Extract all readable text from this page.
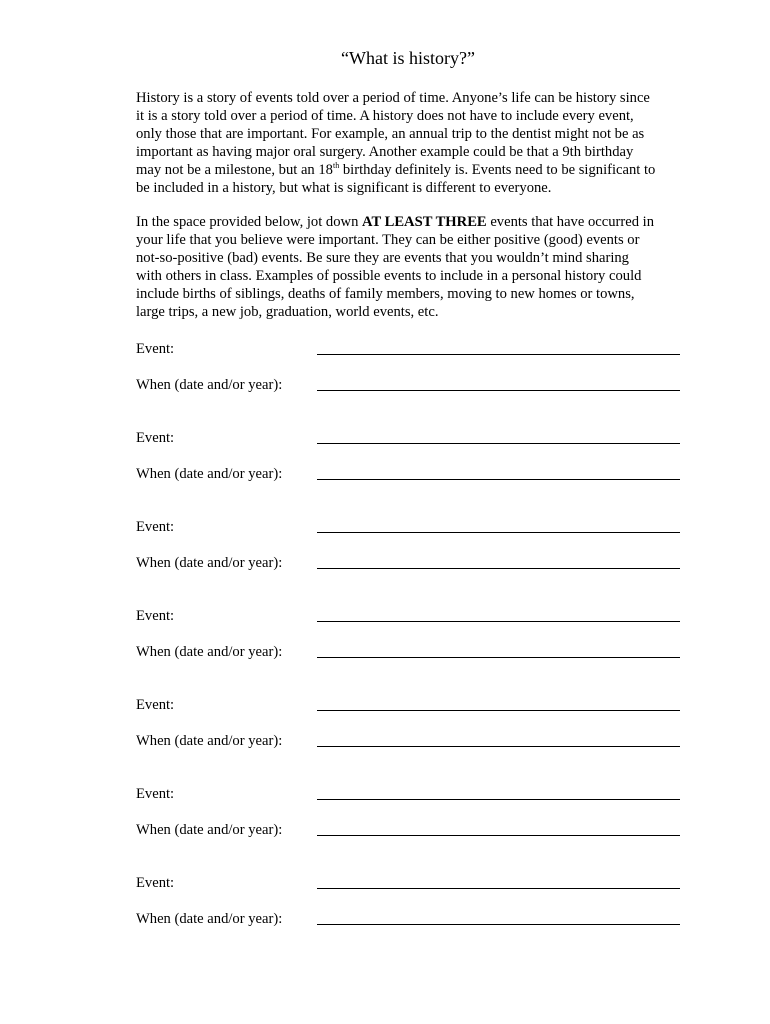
“What is history?”

History is a story of events told over a period of time. Anyone’s life can be history since
it is a story told over a period of time. A history does not have to include every event,
only those that are important. For example, an annual trip to the dentist might not be as
important as having major oral surgery. Another example could be that a 9th birthday
may not be a milestone, but an 18th birthday definitely is. Events need to be significant to
be included in a history, but what is significant is different to everyone.

In the space provided below, jot down AT LEAST THREE events that have occurred in
your life that you believe were important. They can be either positive (good) events or
not-so-positive (bad) events. Be sure they are events that you wouldn’t mind sharing
with others in class. Examples of possible events to include in a personal history could
include births of siblings, deaths of family members, moving to new homes or towns,
large trips, a new job, graduation, world events, etc.

Event:
When (date and/or year):
Event:
When (date and/or year):
Event:
When (date and/or year):
Event:
When (date and/or year):
Event:
When (date and/or year):
Event:
When (date and/or year):
Event:
When (date and/or year):
